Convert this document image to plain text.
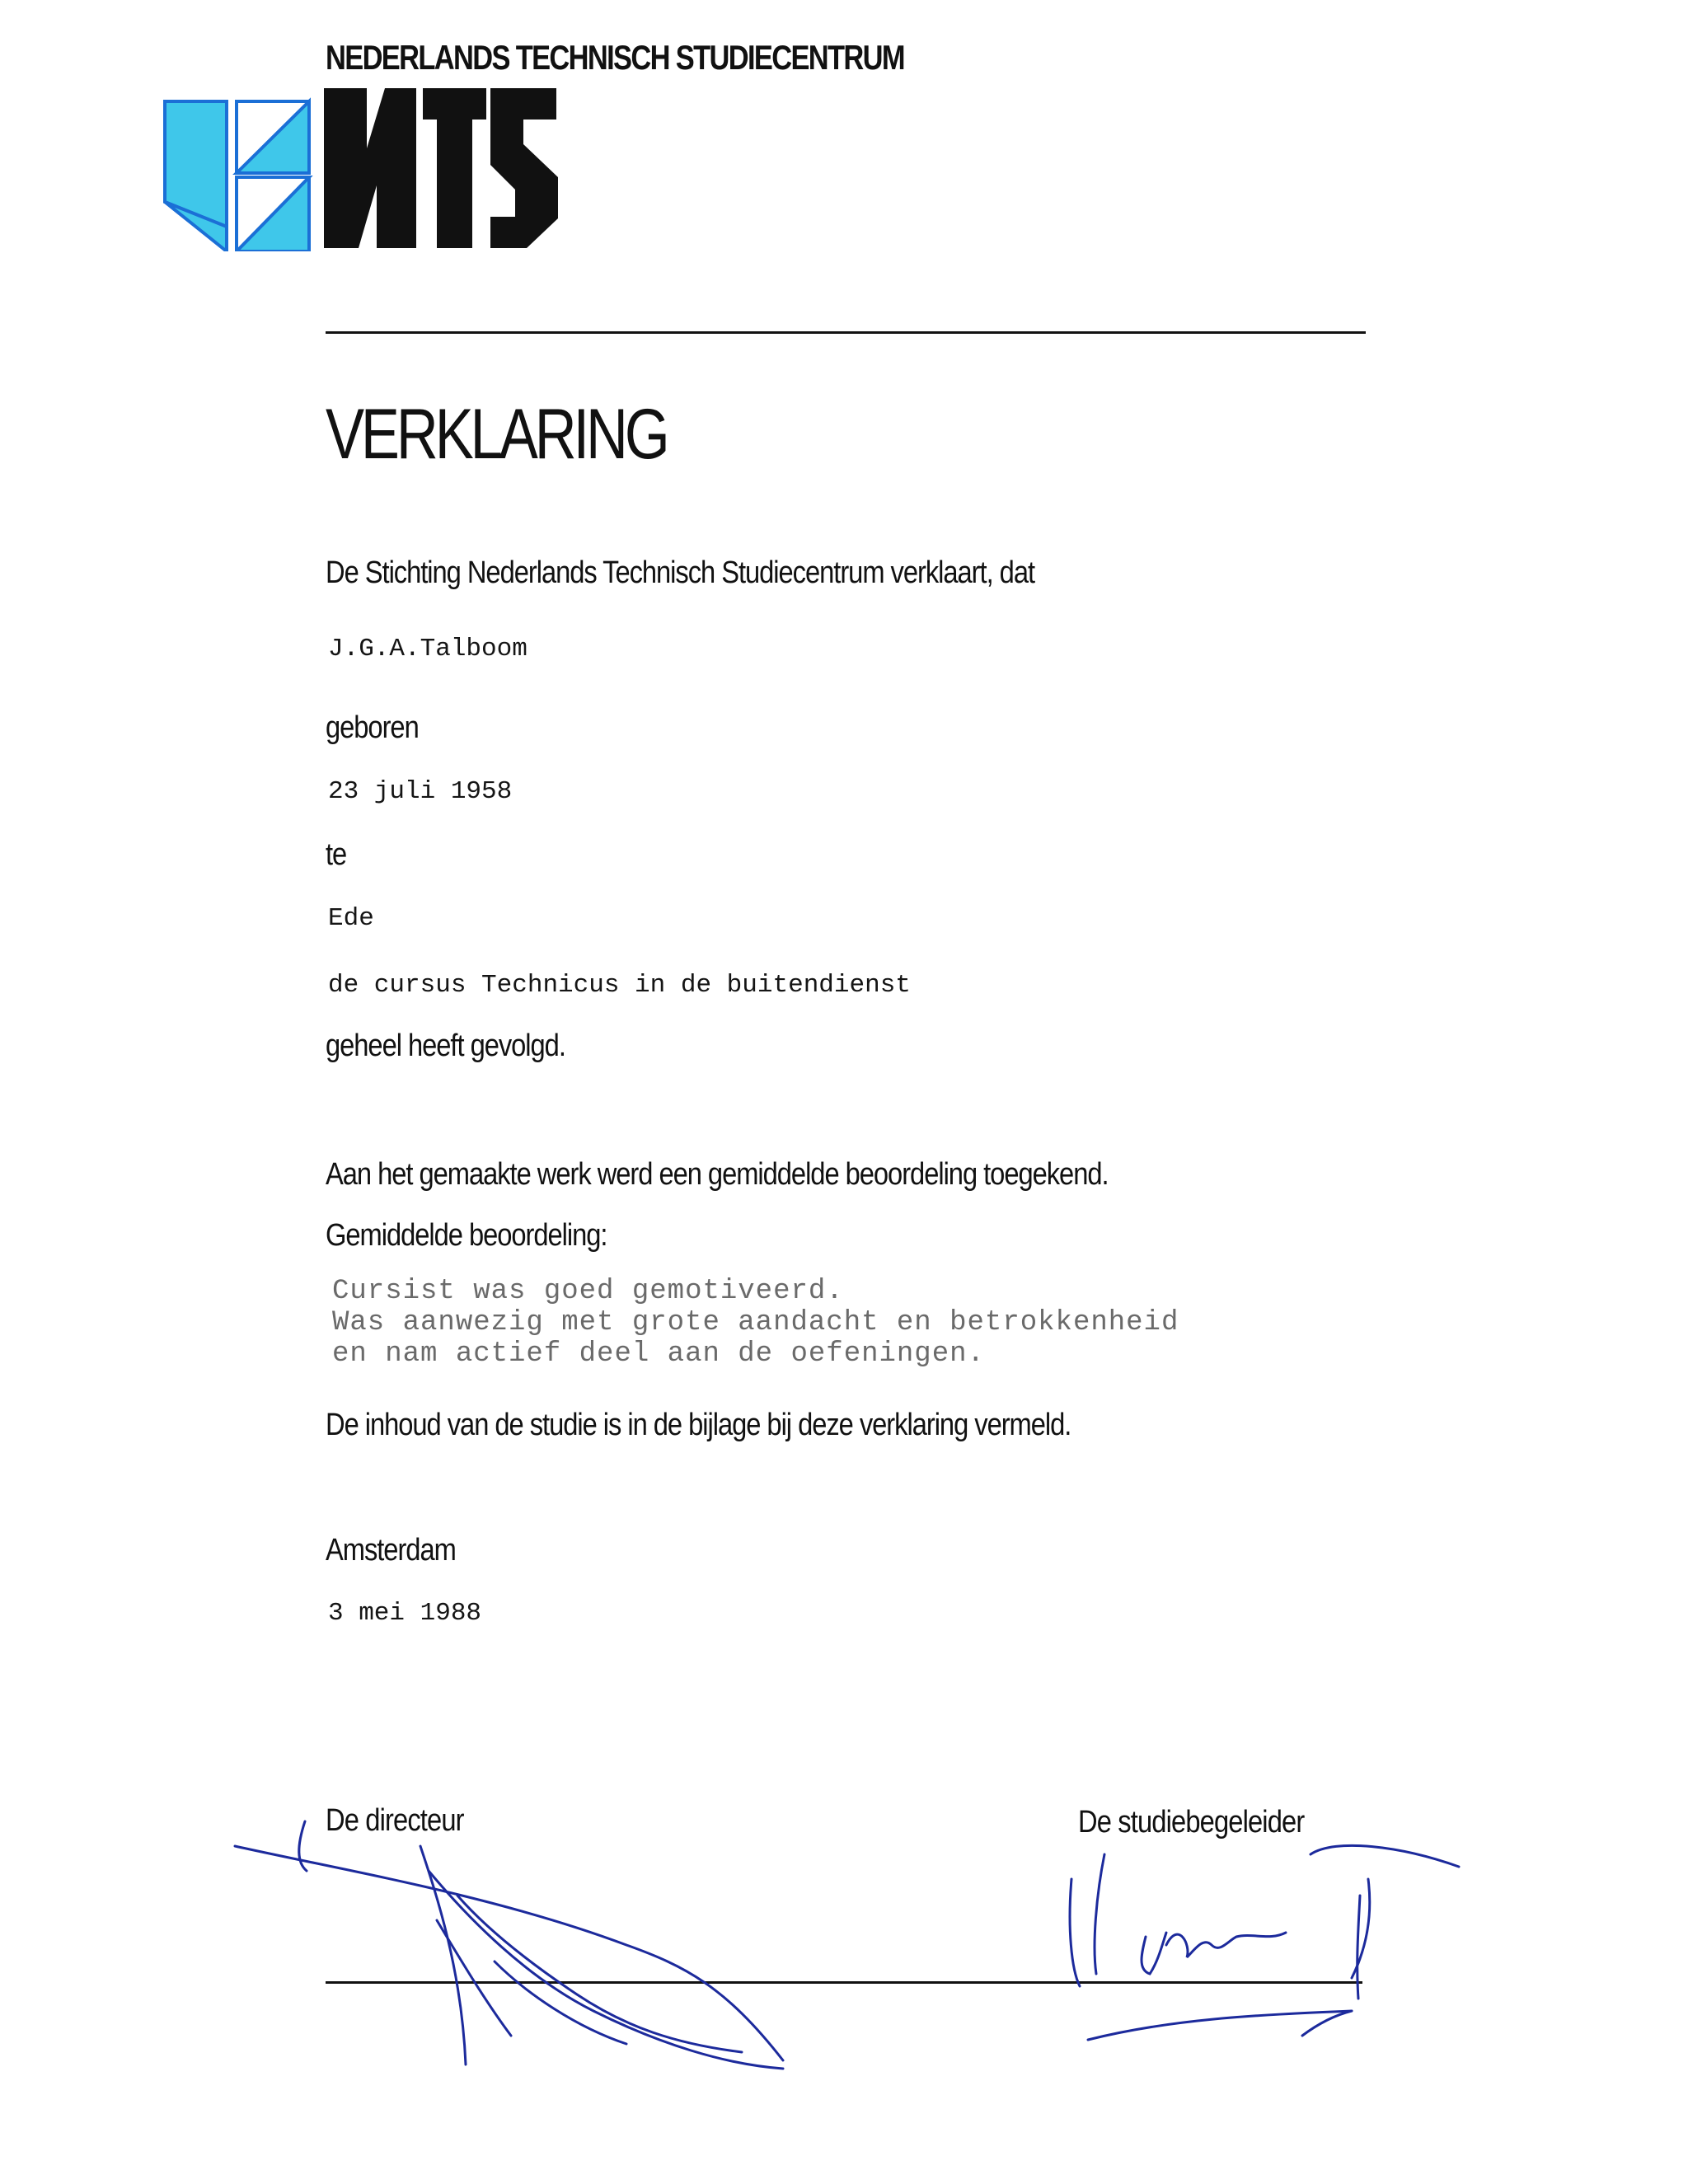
NEDERLANDS TECHNISCH STUDIECENTRUM
VERKLARING
De Stichting Nederlands Technisch Studiecentrum verklaart, dat
J.G.A.Talboom
geboren
23 juli 1958
te
Ede
de cursus Technicus in de buitendienst
geheel heeft gevolgd.
Aan het gemaakte werk werd een gemiddelde beoordeling toegekend.
Gemiddelde beoordeling:
Cursist was goed gemotiveerd.
Was aanwezig met grote aandacht en betrokkenheid
en nam actief deel aan de oefeningen.
De inhoud van de studie is in de bijlage bij deze verklaring vermeld.
Amsterdam
3 mei 1988
De directeur	De studiebegeleider
